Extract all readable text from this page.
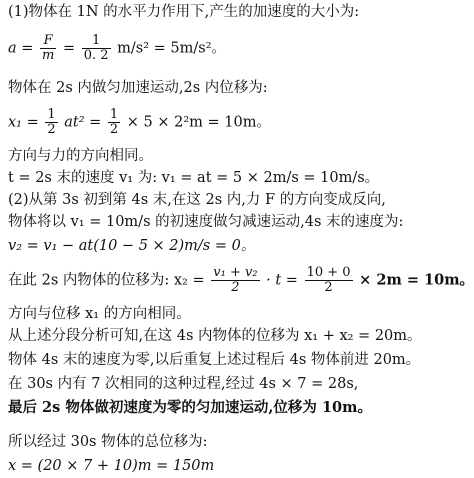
(1)物体在 1N 的水平力作用下,产生的加速度的大小为:
$a = \frac{F}{m} = \frac{1}{0. 2} m/s^2 = 5m/s^2$。
物体在 2s 内做匀加速运动,2s 内位移为:
$x_1 = \frac{1}{2} at^2 = \frac{1}{2} \times 5 \times 2^2m = 10m$。
方向与力的方向相同。
t = 2s 末的速度 v₁ 为: v₁ = at = 5 × 2m/s = 10m/s。
(2)从第 3s 初到第 4s 末,在这 2s 内,力 F 的方向变成反向,
物体将以 v₁ = 10m/s 的初速度做匀减速运动,4s 末的速度为:
v₂ = v₁ − at(10 − 5 × 2)m/s = 0。
在此 2s 内物体的位移为: $x_2 = \frac{\text{v₁ + v₂}}{2} \cdot t = \frac{10 + 0}{2} \times 2m = 10m$。
方向与位移 x₁ 的方向相同。
从上述分段分析可知,在这 4s 内物体的位移为 x₁ + x₂ = 20m。
物体 4s 末的速度为零,以后重复上述过程后 4s 物体前进 20m。
在 30s 内有 7 次相同的这种过程,经过 4s × 7 = 28s,
最后 2s 物体做初速度为零的匀加速运动,位移为 10m。
所以经过 30s 物体的总位移为:
x = (20 × 7 + 10)m = 150m
